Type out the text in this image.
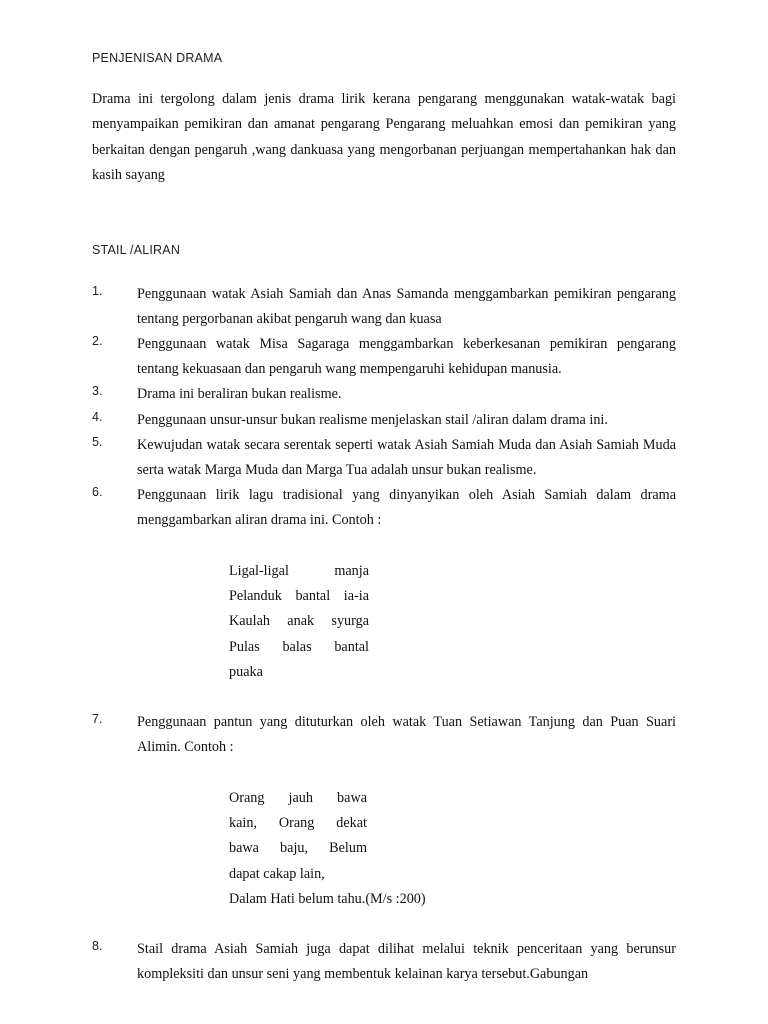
PENJENISAN DRAMA
Drama ini tergolong dalam jenis drama lirik kerana pengarang menggunakan watak-watak bagi menyampaikan pemikiran dan amanat pengarang Pengarang meluahkan emosi dan pemikiran yang berkaitan dengan pengaruh ,wang dankuasa yang mengorbanan perjuangan mempertahankan hak dan kasih sayang
STAIL /ALIRAN
1. Penggunaan watak Asiah Samiah dan Anas Samanda menggambarkan pemikiran pengarang tentang pergorbanan akibat pengaruh wang dan kuasa
2. Penggunaan watak Misa Sagaraga menggambarkan keberkesanan pemikiran pengarang tentang kekuasaan dan pengaruh wang mempengaruhi kehidupan manusia.
3. Drama ini beraliran bukan realisme.
4. Penggunaan unsur-unsur bukan realisme menjelaskan stail /aliran dalam drama ini.
5. Kewujudan watak secara serentak seperti watak Asiah Samiah Muda dan Asiah Samiah Muda serta watak Marga Muda dan Marga Tua adalah unsur bukan realisme.
6. Penggunaan lirik lagu tradisional yang dinyanyikan oleh Asiah Samiah dalam drama menggambarkan aliran drama ini. Contoh :
Ligal-ligal manja
Pelanduk bantal ia-ia
Kaulah anak syurga
Pulas balas bantal
puaka
7. Penggunaan pantun yang dituturkan oleh watak Tuan Setiawan Tanjung dan Puan Suari Alimin. Contoh :
Orang jauh bawa
kain, Orang dekat
bawa baju, Belum
dapat cakap lain,
Dalam Hati belum tahu.(M/s :200)
8. Stail drama Asiah Samiah juga dapat dilihat melalui teknik penceritaan yang berunsur kompleksiti dan unsur seni yang membentuk kelainan karya tersebut.Gabungan
